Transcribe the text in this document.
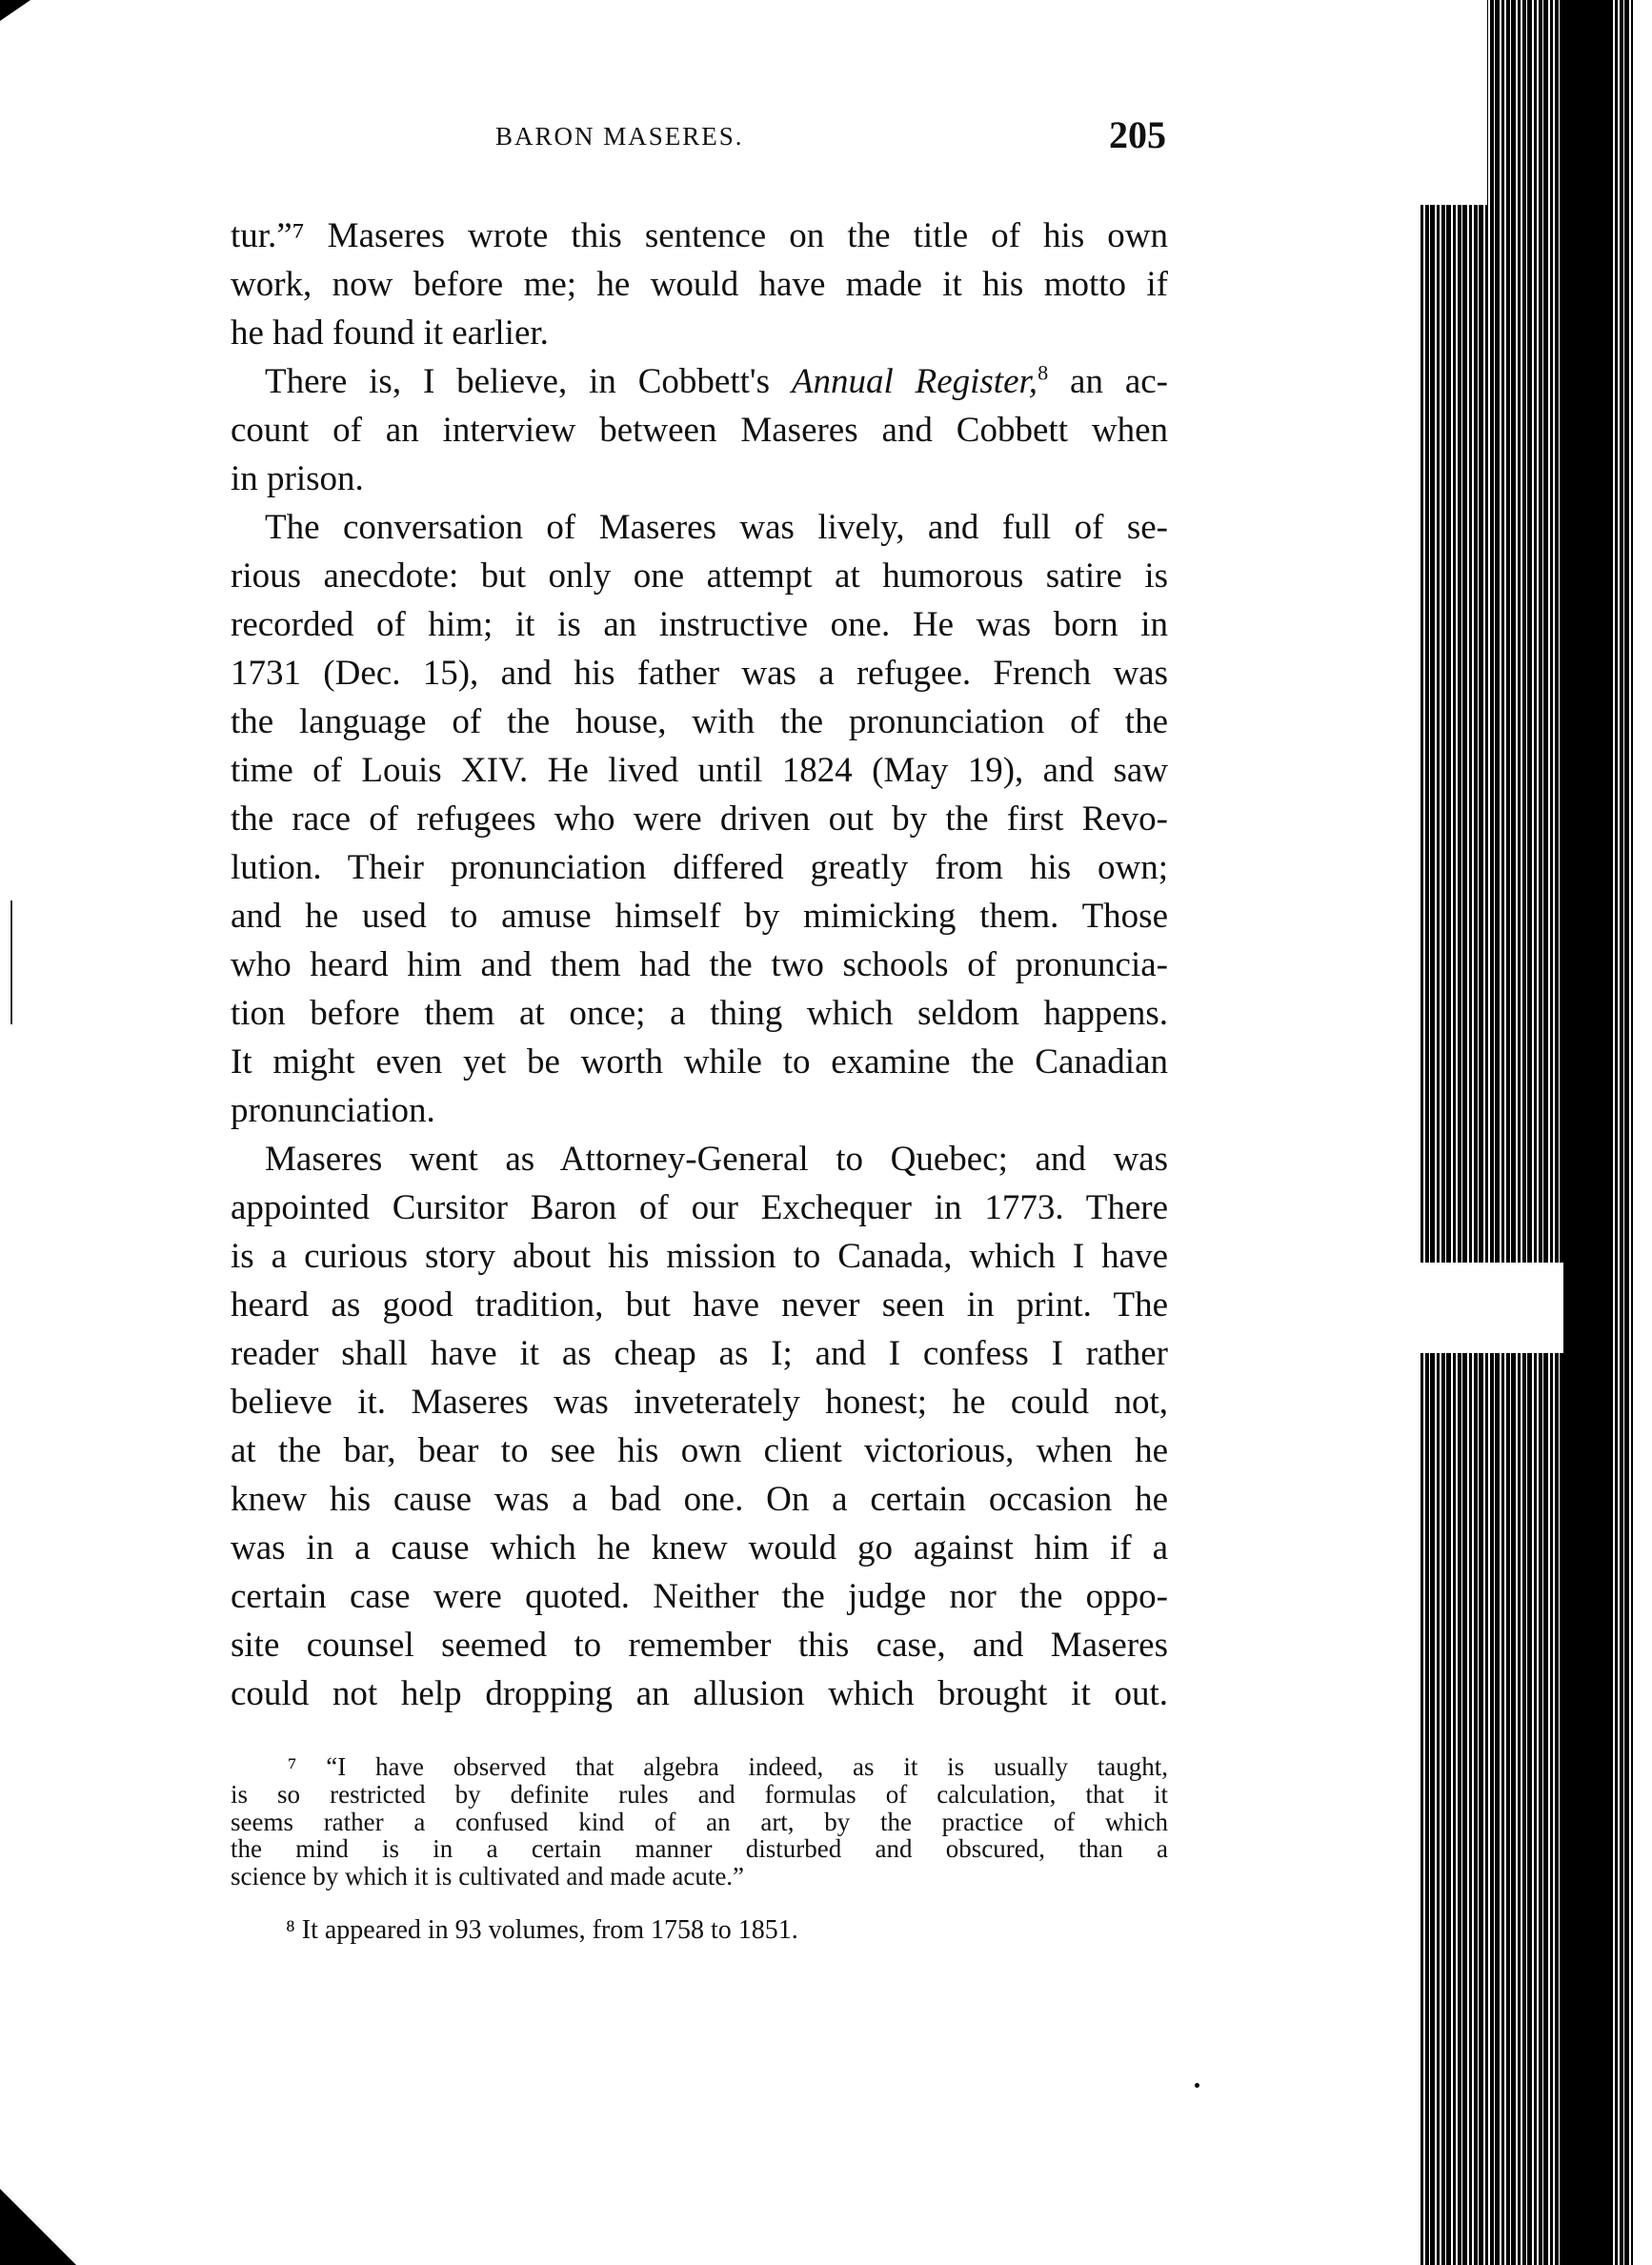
BARON MASERES.	205
tur.”⁷ Maseres wrote this sentence on the title of his own
work, now before me; he would have made it his motto if
he had found it earlier.
There is, I believe, in Cobbett's Annual Register,$^8$ an ac-
count of an interview between Maseres and Cobbett when
in prison.
The conversation of Maseres was lively, and full of se-
rious anecdote: but only one attempt at humorous satire is
recorded of him; it is an instructive one. He was born in
1731 (Dec. 15), and his father was a refugee. French was
the language of the house, with the pronunciation of the
time of Louis XIV. He lived until 1824 (May 19), and saw
the race of refugees who were driven out by the first Revo-
lution. Their pronunciation differed greatly from his own;
and he used to amuse himself by mimicking them. Those
who heard him and them had the two schools of pronuncia-
tion before them at once; a thing which seldom happens.
It might even yet be worth while to examine the Canadian
pronunciation.
Maseres went as Attorney-General to Quebec; and was
appointed Cursitor Baron of our Exchequer in 1773. There
is a curious story about his mission to Canada, which I have
heard as good tradition, but have never seen in print. The
reader shall have it as cheap as I; and I confess I rather
believe it. Maseres was inveterately honest; he could not,
at the bar, bear to see his own client victorious, when he
knew his cause was a bad one. On a certain occasion he
was in a cause which he knew would go against him if a
certain case were quoted. Neither the judge nor the oppo-
site counsel seemed to remember this case, and Maseres
could not help dropping an allusion which brought it out.
⁷ “I have observed that algebra indeed, as it is usually taught,
is so restricted by definite rules and formulas of calculation, that it
seems rather a confused kind of an art, by the practice of which
the mind is in a certain manner disturbed and obscured, than a
science by which it is cultivated and made acute.”
⁸ It appeared in 93 volumes, from 1758 to 1851.
